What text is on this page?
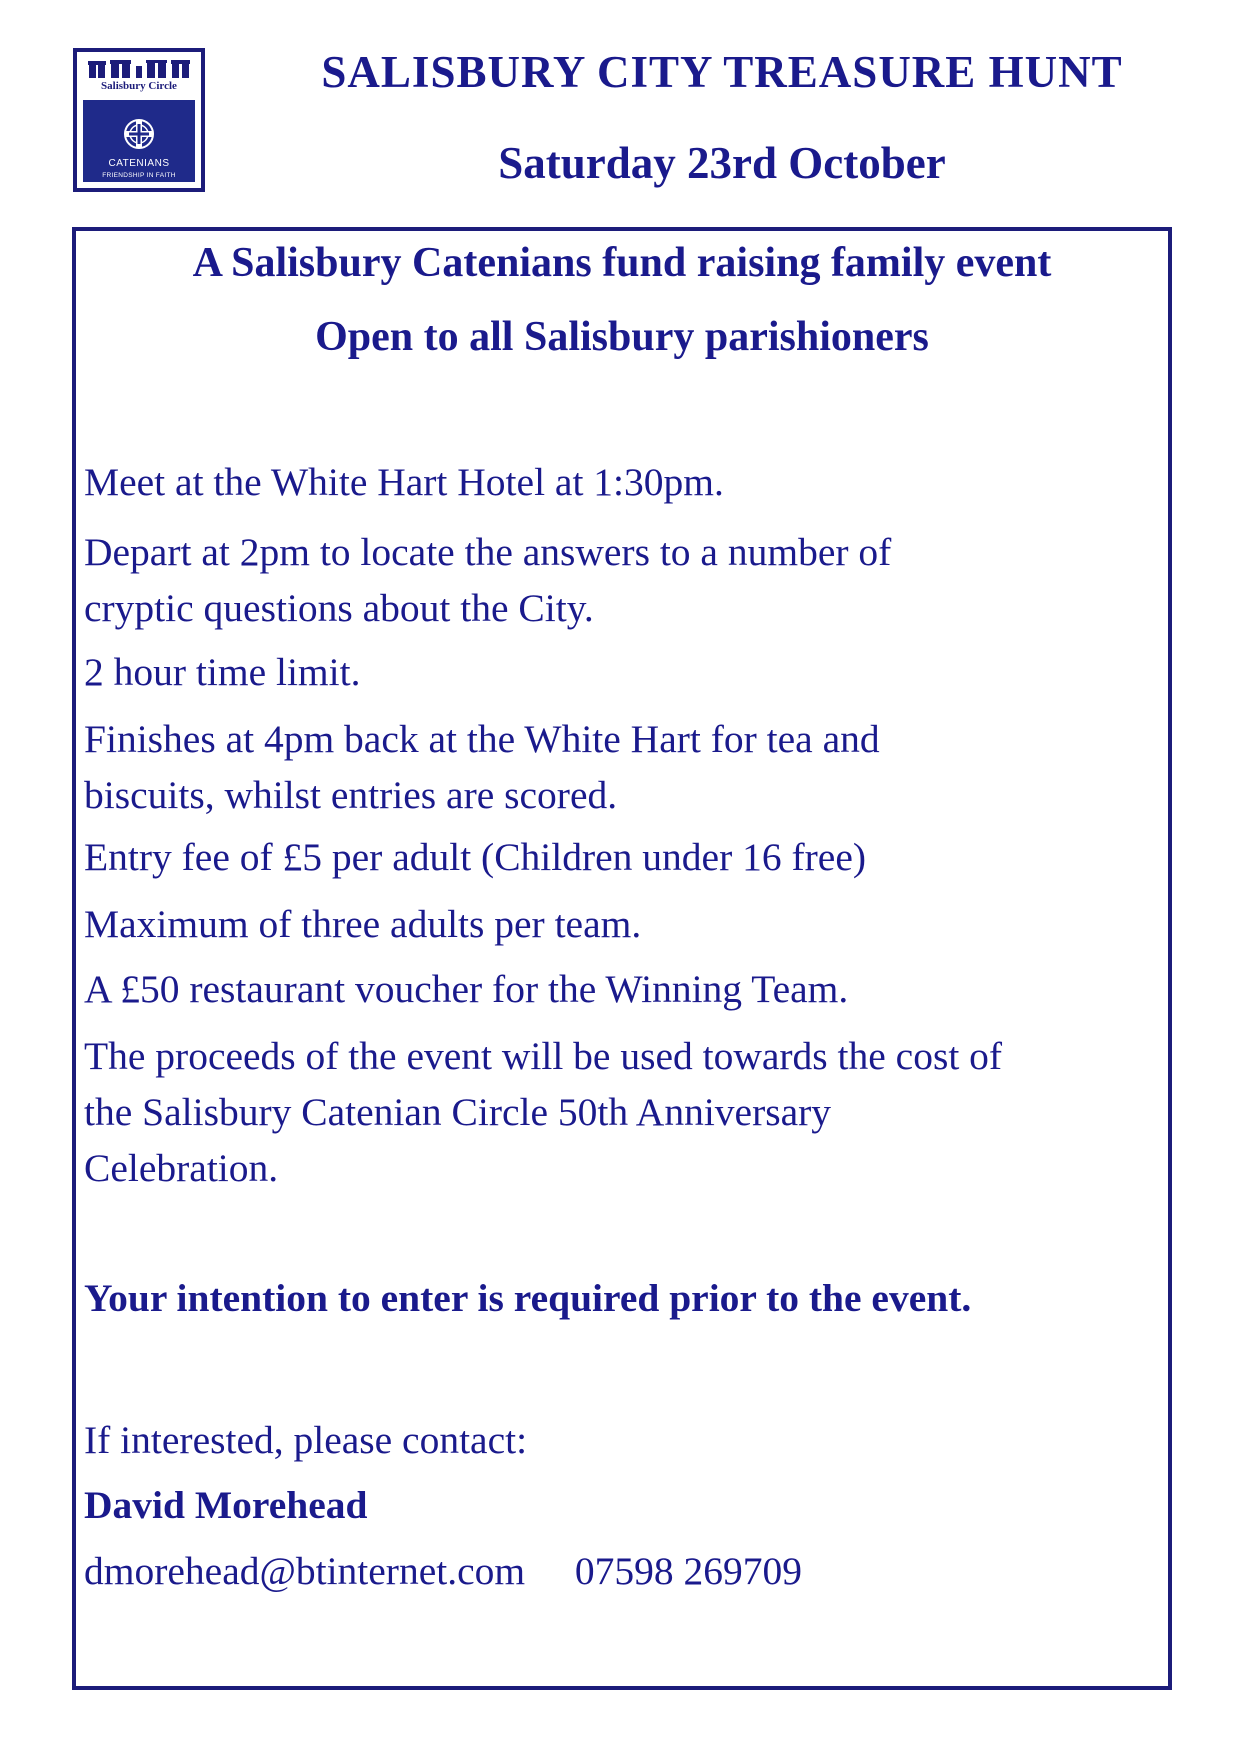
Salisbury Circle
CATENIANS
FRIENDSHIP IN FAITH
SALISBURY CITY TREASURE HUNT
Saturday 23rd October
A Salisbury Catenians fund raising family event
Open to all Salisbury parishioners
Meet at the White Hart Hotel at 1:30pm.
Depart at 2pm to locate the answers to a number of
cryptic questions about the City.
2 hour time limit.
Finishes at 4pm back at the White Hart for tea and
biscuits, whilst entries are scored.
Entry fee of £5 per adult (Children under 16 free)
Maximum of three adults per team.
A £50 restaurant voucher for the Winning Team.
The proceeds of the event will be used towards the cost of
the Salisbury Catenian Circle 50th Anniversary
Celebration.
Your intention to enter is required prior to the event.
If interested, please contact:
David Morehead
dmorehead@btinternet.com 07598 269709
